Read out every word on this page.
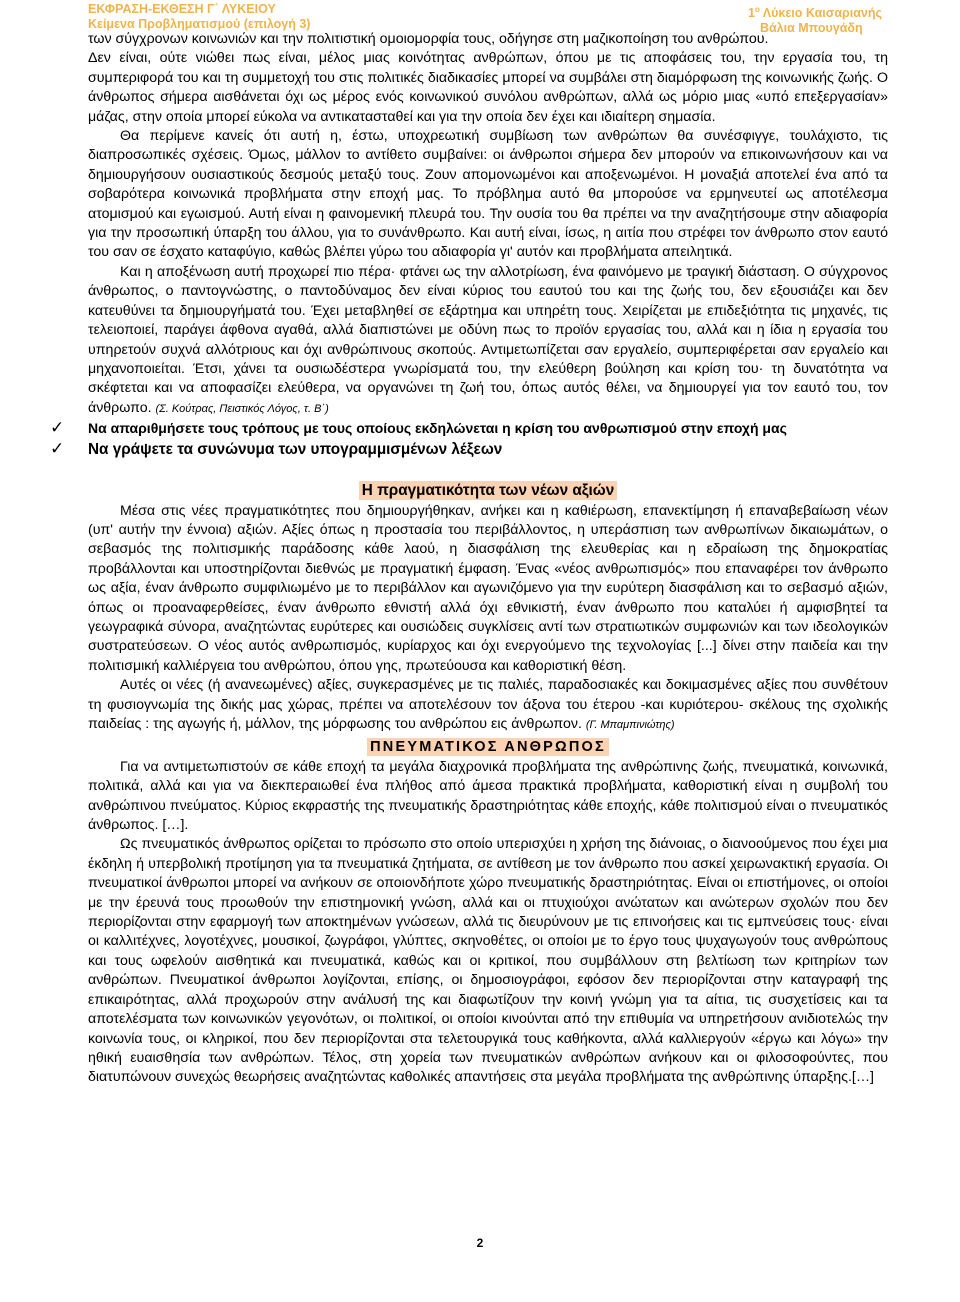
ΕΚΦΡΑΣΗ-ΕΚΘΕΣΗ Γ΄ ΛΥΚΕΙΟΥ
Κείμενα Προβληματισμού (επιλογή 3)
$1^o$ Λύκειο Καισαριανής
Βάλια Μπουγάδη

των σύγχρονων κοινωνιών και την πολιτιστική ομοιομορφία τους, οδήγησε στη μαζικοποίηση του ανθρώπου.

Δεν είναι, ούτε νιώθει πως είναι, μέλος μιας κοινότητας ανθρώπων, όπου με τις αποφάσεις του, την εργασία του, τη συμπεριφορά του και τη συμμετοχή του στις πολιτικές διαδικασίες μπορεί να συμβάλει στη διαμόρφωση της κοινωνικής ζωής. Ο άνθρωπος σήμερα αισθάνεται όχι ως μέρος ενός κοινωνικού συνόλου ανθρώπων, αλλά ως μόριο μιας «υπό επεξεργασίαν» μάζας, στην οποία μπορεί εύκολα να αντικατασταθεί και για την οποία δεν έχει και ιδιαίτερη σημασία.

Θα περίμενε κανείς ότι αυτή η, έστω, υποχρεωτική συμβίωση των ανθρώπων θα συνέσφιγγε, τουλάχιστο, τις διαπροσωπικές σχέσεις. Όμως, μάλλον το αντίθετο συμβαίνει: οι άνθρωποι σήμερα δεν μπορούν να επικοινωνήσουν και να δημιουργήσουν ουσιαστικούς δεσμούς μεταξύ τους. Ζουν απομονωμένοι και αποξενωμένοι. Η μοναξιά αποτελεί ένα από τα σοβαρότερα κοινωνικά προβλήματα στην εποχή μας. Το πρόβλημα αυτό θα μπορούσε να ερμηνευτεί ως αποτέλεσμα ατομισμού και εγωισμού. Αυτή είναι η φαινομενική πλευρά του. Την ουσία του θα πρέπει να την αναζητήσουμε στην αδιαφορία για την προσωπική ύπαρξη του άλλου, για το συνάνθρωπο. Και αυτή είναι, ίσως, η αιτία που στρέφει τον άνθρωπο στον εαυτό του σαν σε έσχατο καταφύγιο, καθώς βλέπει γύρω του αδιαφορία γι' αυτόν και προβλήματα απειλητικά.

Και η αποξένωση αυτή προχωρεί πιο πέρα· φτάνει ως την αλλοτρίωση, ένα φαινόμενο με τραγική διάσταση. Ο σύγχρονος άνθρωπος, ο παντογνώστης, ο παντοδύναμος δεν είναι κύριος του εαυτού του και της ζωής του, δεν εξουσιάζει και δεν κατευθύνει τα δημιουργήματά του. Έχει μεταβληθεί σε εξάρτημα και υπηρέτη τους. Χειρίζεται με επιδεξιότητα τις μηχανές, τις τελειοποιεί, παράγει άφθονα αγαθά, αλλά διαπιστώνει με οδύνη πως το προϊόν εργασίας του, αλλά και η ίδια η εργασία του υπηρετούν συχνά αλλότριους και όχι ανθρώπινους σκοπούς. Αντιμετωπίζεται σαν εργαλείο, συμπεριφέρεται σαν εργαλείο και μηχανοποιείται. Έτσι, χάνει τα ουσιωδέστερα γνωρίσματά του, την ελεύθερη βούληση και κρίση του· τη δυνατότητα να σκέφτεται και να αποφασίζει ελεύθερα, να οργανώνει τη ζωή του, όπως αυτός θέλει, να δημιουργεί για τον εαυτό του, τον άνθρωπο. (Σ. Κούτρας, Πειστικός Λόγος, τ. Β΄)

✓ Να απαριθμήσετε τους τρόπους με τους οποίους εκδηλώνεται η κρίση του ανθρωπισμού στην εποχή μας

✓ Να γράψετε τα συνώνυμα των υπογραμμισμένων λέξεων

Η πραγματικότητα των νέων αξιών

Μέσα στις νέες πραγματικότητες που δημιουργήθηκαν, ανήκει και η καθιέρωση, επανεκτίμηση ή επαναβεβαίωση νέων (υπ' αυτήν την έννοια) αξιών. Αξίες όπως η προστασία του περιβάλλοντος, η υπεράσπιση των ανθρωπίνων δικαιωμάτων, ο σεβασμός της πολιτισμικής παράδοσης κάθε λαού, η διασφάλιση της ελευθερίας και η εδραίωση της δημοκρατίας προβάλλονται και υποστηρίζονται διεθνώς με πραγματική έμφαση. Ένας «νέος ανθρωπισμός» που επαναφέρει τον άνθρωπο ως αξία, έναν άνθρωπο συμφιλιωμένο με το περιβάλλον και αγωνιζόμενο για την ευρύτερη διασφάλιση και το σεβασμό αξιών, όπως οι προαναφερθείσες, έναν άνθρωπο εθνιστή αλλά όχι εθνικιστή, έναν άνθρωπο που καταλύει ή αμφισβητεί τα γεωγραφικά σύνορα, αναζητώντας ευρύτερες και ουσιώδεις συγκλίσεις αντί των στρατιωτικών συμφωνιών και των ιδεολογικών συστρατεύσεων. Ο νέος αυτός ανθρωπισμός, κυρίαρχος και όχι ενεργούμενο της τεχνολογίας [...] δίνει στην παιδεία και την πολιτισμική καλλιέργεια του ανθρώπου, όπου γης, πρωτεύουσα και καθοριστική θέση.

Αυτές οι νέες (ή ανανεωμένες) αξίες, συγκερασμένες με τις παλιές, παραδοσιακές και δοκιμασμένες αξίες που συνθέτουν τη φυσιογνωμία της δικής μας χώρας, πρέπει να αποτελέσουν τον άξονα του έτερου -και κυριότερου- σκέλους της σχολικής παιδείας : της αγωγής ή, μάλλον, της μόρφωσης του ανθρώπου εις άνθρωπον. (Γ. Μπαμπινιώτης)

ΠΝΕΥΜΑΤΙΚΟΣ ΑΝΘΡΩΠΟΣ

Για να αντιμετωπιστούν σε κάθε εποχή τα μεγάλα διαχρονικά προβλήματα της ανθρώπινης ζωής, πνευματικά, κοινωνικά, πολιτικά, αλλά και για να διεκπεραιωθεί ένα πλήθος από άμεσα πρακτικά προβλήματα, καθοριστική είναι η συμβολή του ανθρώπινου πνεύματος. Κύριος εκφραστής της πνευματικής δραστηριότητας κάθε εποχής, κάθε πολιτισμού είναι ο πνευματικός άνθρωπος. […].

Ως πνευματικός άνθρωπος ορίζεται το πρόσωπο στο οποίο υπερισχύει η χρήση της διάνοιας, ο διανοούμενος που έχει μια έκδηλη ή υπερβολική προτίμηση για τα πνευματικά ζητήματα, σε αντίθεση με τον άνθρωπο που ασκεί χειρωνακτική εργασία. Οι πνευματικοί άνθρωποι μπορεί να ανήκουν σε οποιονδήποτε χώρο πνευματικής δραστηριότητας. Είναι οι επιστήμονες, οι οποίοι με την έρευνά τους προωθούν την επιστημονική γνώση, αλλά και οι πτυχιούχοι ανώτατων και ανώτερων σχολών που δεν περιορίζονται στην εφαρμογή των αποκτημένων γνώσεων, αλλά τις διευρύνουν με τις επινοήσεις και τις εμπνεύσεις τους· είναι οι καλλιτέχνες, λογοτέχνες, μουσικοί, ζωγράφοι, γλύπτες, σκηνοθέτες, οι οποίοι με το έργο τους ψυχαγωγούν τους ανθρώπους και τους ωφελούν αισθητικά και πνευματικά, καθώς και οι κριτικοί, που συμβάλλουν στη βελτίωση των κριτηρίων των ανθρώπων. Πνευματικοί άνθρωποι λογίζονται, επίσης, οι δημοσιογράφοι, εφόσον δεν περιορίζονται στην καταγραφή της επικαιρότητας, αλλά προχωρούν στην ανάλυσή της και διαφωτίζουν την κοινή γνώμη για τα αίτια, τις συσχετίσεις και τα αποτελέσματα των κοινωνικών γεγονότων, οι πολιτικοί, οι οποίοι κινούνται από την επιθυμία να υπηρετήσουν ανιδιοτελώς την κοινωνία τους, οι κληρικοί, που δεν περιορίζονται στα τελετουργικά τους καθήκοντα, αλλά καλλιεργούν «έργω και λόγω» την ηθική ευαισθησία των ανθρώπων. Τέλος, στη χορεία των πνευματικών ανθρώπων ανήκουν και οι φιλοσοφούντες, που διατυπώνουν συνεχώς θεωρήσεις αναζητώντας καθολικές απαντήσεις στα μεγάλα προβλήματα της ανθρώπινης ύπαρξης.[…]

2
